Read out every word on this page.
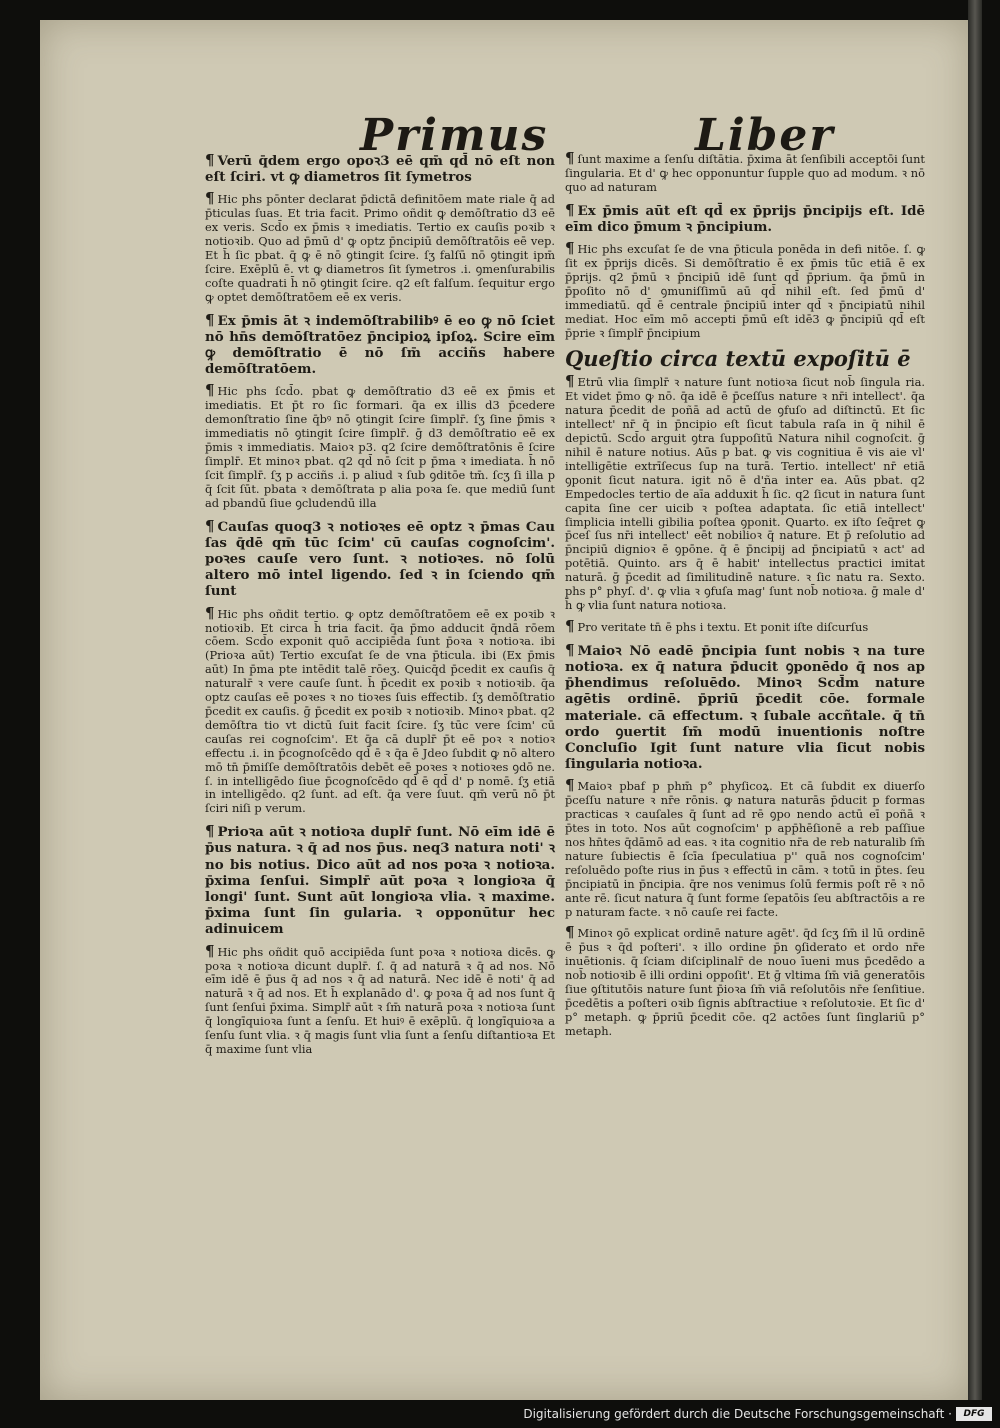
Primus	Liber

¶ Verū q̄dem ergo opoꝛ3 eē qm̄ qd̄ nō eſt non eſt ſciri. vt ꝙ diametros ſit ſymetros

¶ Hic phs pōnter declarat p̄dictā definitōem mate riale q̄ ad p̄ticulas ſuas. Et tria facit. Primo oñdit ꝙ demōſtratio d3 eē ex veris. Scd̄o ex p̄mis ꝛ imediatis. Tertio ex cauſis poꝛib ꝛ notioꝛib. Quo ad p̄mū d' ꝙ optz p̄ncipiū demōſtratōis eē vep. Et h̄ ſic pbat. q̄ ꝙ ē nō ꝯtingit ſcire. ſʒ falſū nō ꝯtingit ipm̄ ſcire. Exēplū ē. vt ꝙ diametros ſit ſymetros .i. ꝯmenſurabilis coſte quadrati h̄ nō ꝯtingit ſcire. q2 eſt falſum. ſequitur ergo ꝙ optet demōſtratōem eē ex veris.

¶ Ex p̄mis āt ꝛ indemōſtrabilibꝰ ē eo ꝙ nō ſciet nō hn̄s demōſtratōez p̄ncipioꝝ ipſoꝝ. Scire eīm ꝙ demōſtratio ē nō ſm̄ acciñs habere demōſtratōem.

¶ Hic phs ſcd̄o. pbat ꝙ demōſtratio d3 eē ex p̄mis et imediatis. Et p̄t ro ſic formari. q̄a ex illis d3 p̄cedere demonſtratio ſine q̄bꝰ nō ꝯtingit ſcire ſimplr̄. ſʒ ſine p̄mis ꝛ immediatis nō ꝯtingit ſcire ſimplr̄. ḡ d3 demōſtratio eē ex p̄mis ꝛ immediatis. Maioꝛ p3. q2 ſcire demōſtratōnis ē ſcire ſimplr̄. Et minoꝛ pbat. q2 qd̄ nō ſcit p p̄ma ꝛ imediata. h̄ nō ſcit ſimplr̄. ſʒ p acciñs .i. p aliud ꝛ ſub ꝯditōe tm̄. ſcʒ ſi illa p q̄ ſcit ſūt. pbata ꝛ demōſtrata p alia poꝛa ſe. que mediū ſunt ad pbandū ſiue ꝯcludendū illa

¶ Cauſas quoq3 ꝛ notioꝛes eē optz ꝛ p̄mas Cau ſas q̄dē qm̄ tūc ſcim' cū cauſas cognoſcim'. poꝛes cauſe vero ſunt. ꝛ notioꝛes. nō ſolū altero mō intel ligendo. ſed ꝛ in ſciendo qm̄ ſunt

¶ Hic phs oñdit tertio. ꝙ optz demōſtratōem eē ex poꝛib ꝛ notioꝛib. Et circa h̄ tria facit. q̄a p̄mo adducit q̄ndā rōem cōem. Scd̄o exponit quō accipiēda ſunt p̄oꝛa ꝛ notioꝛa. ibi (Prioꝛa aūt) Tertio excuſat ſe de vna p̄ticula. ibi (Ex p̄mis aūt) In p̄ma pte intēdit talē rōeʒ. Quicq̄d p̄cedit ex cauſis q̄ naturalr̄ ꝛ vere cauſe ſunt. h̄ p̄cedit ex poꝛib ꝛ notioꝛib. q̄a optz cauſas eē poꝛes ꝛ no tioꝛes ſuis effectib. ſʒ demōſtratio p̄cedit ex cauſis. ḡ p̄cedit ex poꝛib ꝛ notioꝛib. Minoꝛ pbat. q2 demōſtra tio vt dictū ſuit facit ſcire. ſʒ tūc vere ſcim' cū cauſas rei cognoſcim'. Et q̄a cā duplr̄ p̄t eē poꝛ ꝛ notioꝛ effectu .i. in p̄cognoſcēdo qd̄ ē ꝛ q̄a ē Jdeo ſubdit ꝙ nō altero mō tn̄ p̄miſſe demōſtratōis debēt eē poꝛes ꝛ notioꝛes ꝯdō ne. ſ. in intelligēdo ſiue p̄cognoſcēdo qd̄ ē qd̄ d' p nomē. ſʒ etiā in intelligēdo. q2 ſunt. ad eſt. q̄a vere ſuut. qm̄ verū nō p̄t ſciri niſi p verum.

¶ Prioꝛa aūt ꝛ notioꝛa duplr̄ ſunt. Nō eīm idē ē p̄us natura. ꝛ q̄ ad nos p̄us. neq3 natura noti' ꝛ no bis notius. Dico aūt ad nos poꝛa ꝛ notioꝛa. p̄xima ſenſui. Simplr̄ aūt poꝛa ꝛ longioꝛa q̄ longi' ſunt. Sunt aūt longioꝛa vlia. ꝛ maxime. p̄xima ſunt ſin gularia. ꝛ opponūtur hec adinuicem

¶ Hic phs oñdit quō accipiēda ſunt poꝛa ꝛ notioꝛa dicēs. ꝙ poꝛa ꝛ notioꝛa dicunt duplr̄. ſ. q̄ ad naturā ꝛ q̄ ad nos. Nō eīm idē ē p̄us q̄ ad nos ꝛ q̄ ad naturā. Nec idē ē noti' q̄ ad naturā ꝛ q̄ ad nos. Et h̄ explanādo d'. ꝙ poꝛa q̄ ad nos ſunt q̄ ſunt ſenſui p̄xima. Simplr̄ aūt ꝛ ſm̄ naturā poꝛa ꝛ notioꝛa ſunt q̄ longīquioꝛa ſunt a ſenſu. Et huiꝰ ē exēplū. q̄ longīquioꝛa a ſenſu ſunt vlia. ꝛ q̄ magis ſunt vlia ſunt a ſenſu diſtantioꝛa Et q̄ maxime ſunt vlia

¶ ſunt maxime a ſenſu diſtātia. p̄xima āt ſenſibili acceptōi ſunt ſingularia. Et d' ꝙ hec opponuntur ſupple quo ad modum. ꝛ nō quo ad naturam

¶ Ex p̄mis aūt eſt qd̄ ex p̄prijs p̄ncipijs eſt. Idē eīm dico p̄mum ꝛ p̄ncipium.

¶ Hic phs excuſat ſe de vna p̄ticula ponēda in defi nitōe. ſ. ꝙ ſit ex p̄prijs dicēs. Si demōſtratio ē ex p̄mis tūc etiā ē ex p̄prijs. q2 p̄mū ꝛ p̄ncipiū idē ſunt qd̄ p̄prium. q̄a p̄mū in p̄poſito nō d' ꝯmuniſſimū aū qd̄ nihil eſt. ſed p̄mū d' immediatū. qd̄ ē centrale p̄ncipiū inter qd̄ ꝛ p̄ncipiatū nihil mediat. Hoc eīm mō accepti p̄mū eſt idē3 ꝙ p̄ncipiū qd̄ eſt p̄prie ꝛ ſimplr̄ p̄ncipium

Queſtio circa textū expoſitū ē

¶ Etrū vlia ſimplr̄ ꝛ nature ſunt notioꝛa ſicut nob̄ ſingula ria. Et videt p̄mo ꝙ nō. q̄a idē ē p̄ceſſus nature ꝛ nr̄i intellect'. q̄a natura p̄cedit de poñā ad actū de ꝯfuſo ad diſtinctū. Et ſic intellect' nr̄ q̄ in p̄ncipio eſt ſicut tabula raſa in q̄ nihil ē depictū. Scd̄o arguit ꝯtra ſuppoſitū Natura nihil cognoſcit. ḡ nihil ē nature notius. Aūs p bat. ꝙ vis cognitiua ē vis aie vl' intelligētie extrīſecus ſup na turā. Tertio. intellect' nr̄ etiā ꝯponit ſicut natura. igit nō ē d'ña inter ea. Aūs pbat. q2 Empedocles tertio de aīa adduxit h̄ ſic. q2 ſicut in natura ſunt capita ſine cer uicib ꝛ poſtea adaptata. ſic etiā intellect' ſimplicia intelli gibilia poſtea ꝯponit. Quarto. ex iſto ſeq̄ret ꝙ p̄ceſ ſus nr̄i intellect' eēt nobilioꝛ q̄ nature. Et p̄ reſolutio ad p̄ncipiū dignioꝛ ē ꝯpōne. q̄ ē p̄ncipij ad p̄ncipiatū ꝛ act' ad potētiā. Quinto. ars q̄ ē habit' intellectus practici imitat naturā. ḡ p̄cedit ad ſimilitudinē nature. ꝛ ſic natu ra. Sexto. phs p° phyſ. d'. ꝙ vlia ꝛ ꝯfuſa mag' ſunt nob̄ notioꝛa. ḡ male d' h̄ ꝙ vlia ſunt natura notioꝛa.

¶ Pro veritate tn̄ ē phs i textu. Et ponit iſte diſcurſus

¶ Maioꝛ Nō eadē p̄ncipia ſunt nobis ꝛ na ture notioꝛa. ex q̄ natura p̄ducit ꝯponēdo q̄ nos ap p̄hendimus reſoluēdo. Minoꝛ Scd̄m nature agētis ordinē. p̄priū p̄cedit cōe. formale materiale. cā effectum. ꝛ ſubale accñtale. q̄ tn̄ ordo ꝯuertit ſm̄ modū inuentionis noſtre Concluſio Igit ſunt nature vlia ſicut nobis ſingularia notioꝛa.

¶ Maioꝛ pbaf p phm̄ p° phyſicoꝝ. Et cā ſubdit ex diuerſo p̄ceſſu nature ꝛ nr̄e rōnis. ꝙ natura naturās p̄ducit p formas practicas ꝛ cauſales q̄ ſunt ad rē ꝯpo nendo actū eī poñā ꝛ p̄tes in toto. Nos aūt cognoſcim' p app̄hēſionē a reb paſſiue nos hn̄tes q̄dāmō ad eas. ꝛ ita cognitio nr̄a de reb naturalib ſm̄ nature ſubiectis ē ſcīa ſpeculatiua p'' quā nos cognoſcim' reſoluēdo poſte rius in p̄us ꝛ effectū in cām. ꝛ totū in p̄tes. ſeu p̄ncipiatū in p̄ncipia. q̄re nos venimus ſolū fermis poſt rē ꝛ nō ante rē. ſicut natura q̄ ſunt forme ſepatōis ſeu abſtractōis a re p naturam facte. ꝛ nō cauſe rei facte.

¶ Minoꝛ ꝯō explicat ordinē nature agēt'. q̄d ſcʒ ſm̄ il lū ordinē ē p̄us ꝛ q̄d poſteri'. ꝛ illo ordine p̄n ꝯſiderato et ordo nr̄e inuētionis. q̄ ſciam diſciplinalr̄ de nouo īueni mus p̄cedēdo a nob̄ notioꝛib ē illi ordini oppoſit'. Et ḡ vltima ſm̄ viā generatōis ſiue ꝯſtitutōis nature ſunt p̄ioꝛa ſm̄ viā reſolutōis nr̄e ſenſitiue. p̄cedētis a poſteri oꝛib ſignis abſtractiue ꝛ reſolutoꝛie. Et ſic d' p° metaph. ꝙ p̄priū p̄cedit cōe. q2 actōes ſunt ſinglariū p° metaph.

Digitalisierung gefördert durch die Deutsche Forschungsgemeinschaft ·	DFG
